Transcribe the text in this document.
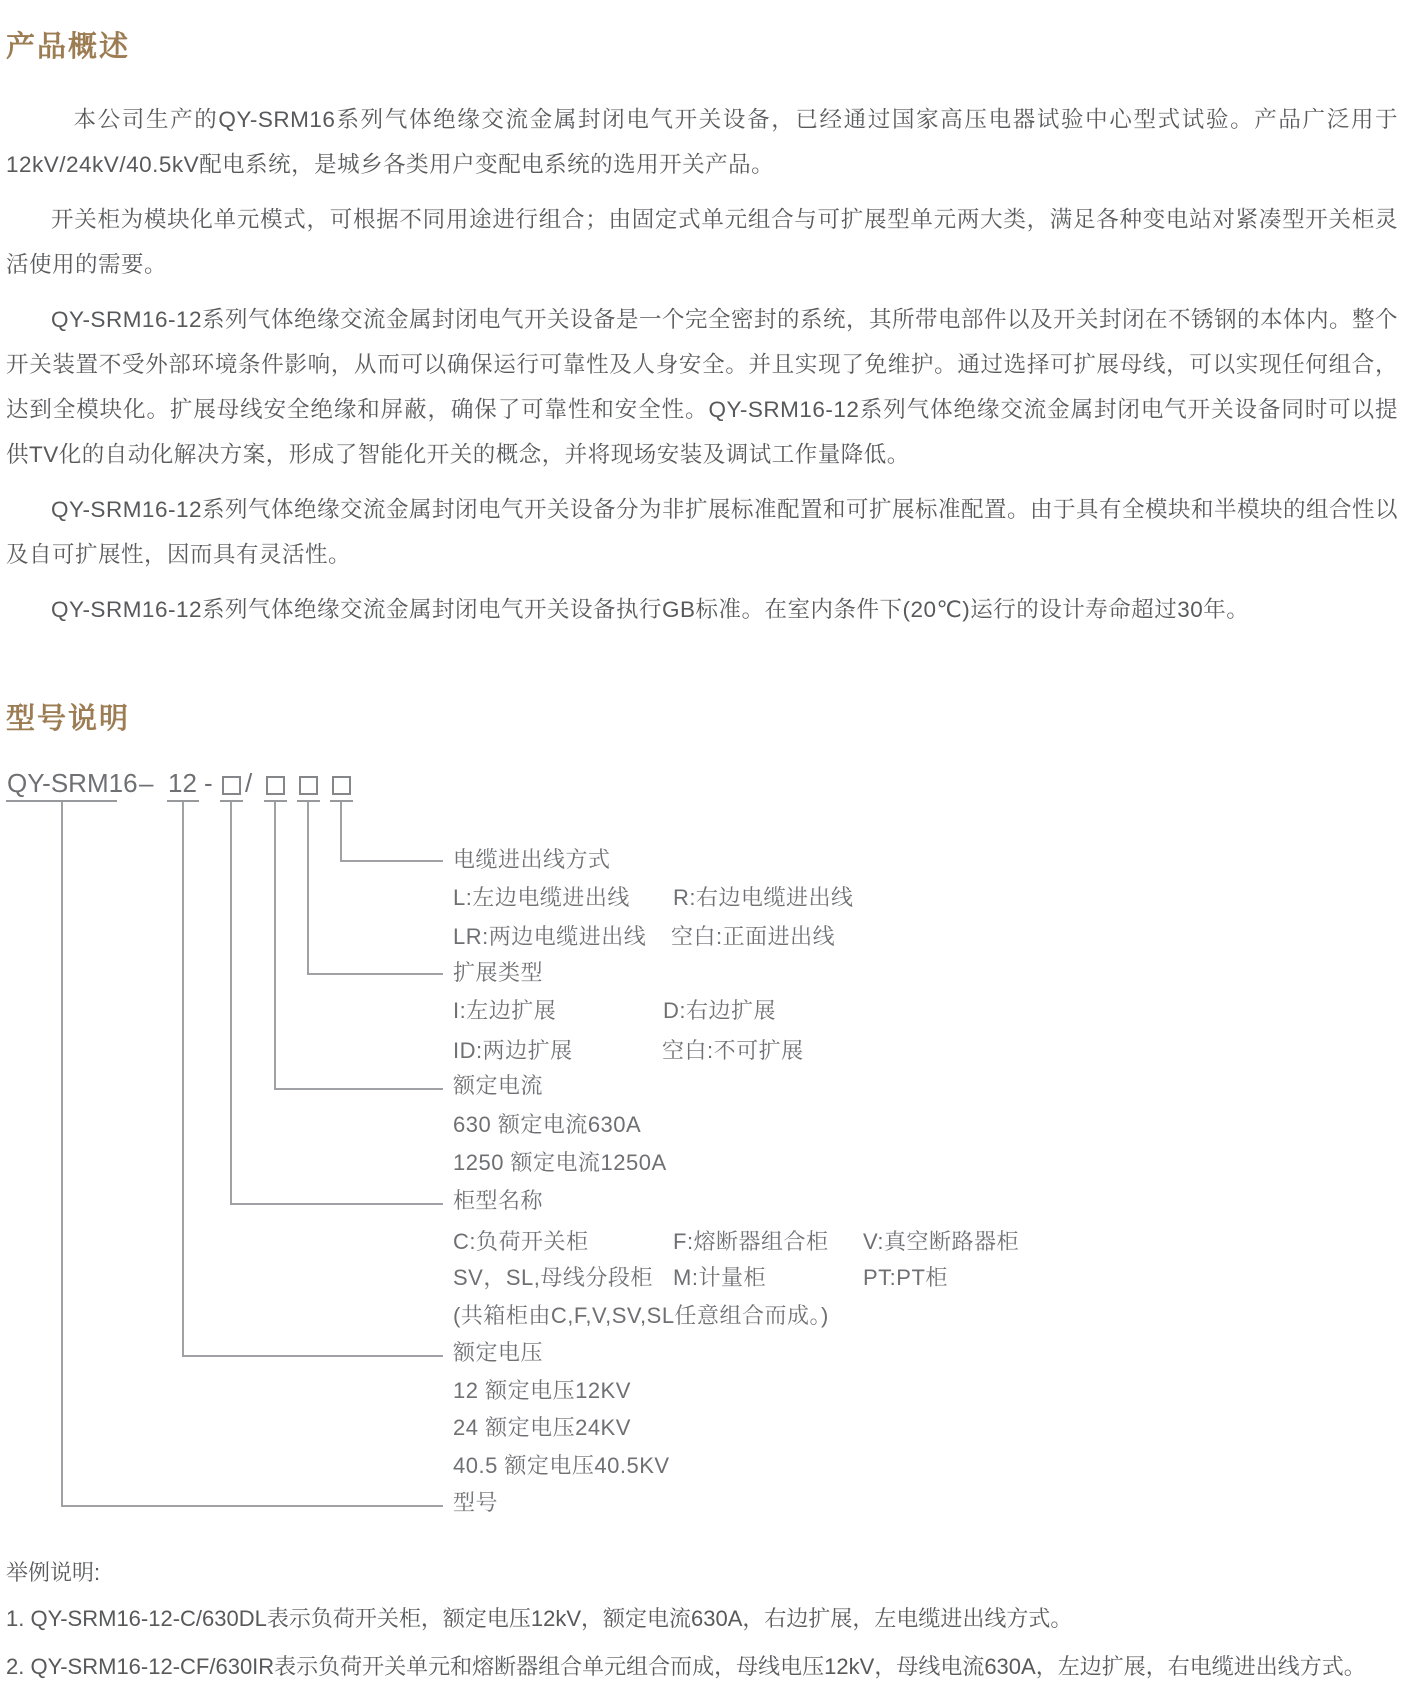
产品概述

本公司生产的QY-SRM16系列气体绝缘交流金属封闭电气开关设备，已经通过国家高压电器试验中心型式试验。产品广泛用于12kV/24kV/40.5kV配电系统，是城乡各类用户变配电系统的选用开关产品。

开关柜为模块化单元模式，可根据不同用途进行组合；由固定式单元组合与可扩展型单元两大类，满足各种变电站对紧凑型开关柜灵活使用的需要。

QY-SRM16-12系列气体绝缘交流金属封闭电气开关设备是一个完全密封的系统，其所带电部件以及开关封闭在不锈钢的本体内。整个开关装置不受外部环境条件影响，从而可以确保运行可靠性及人身安全。并且实现了免维护。通过选择可扩展母线，可以实现任何组合，达到全模块化。扩展母线安全绝缘和屏蔽，确保了可靠性和安全性。QY-SRM16-12系列气体绝缘交流金属封闭电气开关设备同时可以提供TV化的自动化解决方案，形成了智能化开关的概念，并将现场安装及调试工作量降低。

QY-SRM16-12系列气体绝缘交流金属封闭电气开关设备分为非扩展标准配置和可扩展标准配置。由于具有全模块和半模块的组合性以及自可扩展性，因而具有灵活性。

QY-SRM16-12系列气体绝缘交流金属封闭电气开关设备执行GB标准。在室内条件下(20℃)运行的设计寿命超过30年。

型号说明
QY-SRM16 – 12 - /
电缆进出线方式
L:左边电缆进出线 R:右边电缆进出线
LR:两边电缆进出线 空白:正面进出线
扩展类型
I:左边扩展	D:右边扩展
ID:两边扩展	空白:不可扩展
额定电流
630 额定电流630A
1250 额定电流1250A
柜型名称
C:负荷开关柜	F:熔断器组合柜 V:真空断路器柜
SV，SL,母线分段柜 M:计量柜	PT:PT柜
(共箱柜由C,F,V,SV,SL任意组合而成。)
额定电压
12 额定电压12KV
24 额定电压24KV
40.5 额定电压40.5KV
型号
举例说明:
1. QY-SRM16-12-C/630DL表示负荷开关柜，额定电压12kV，额定电流630A，右边扩展，左电缆进出线方式。
2. QY-SRM16-12-CF/630IR表示负荷开关单元和熔断器组合单元组合而成，母线电压12kV，母线电流630A，左边扩展，右电缆进出线方式。
